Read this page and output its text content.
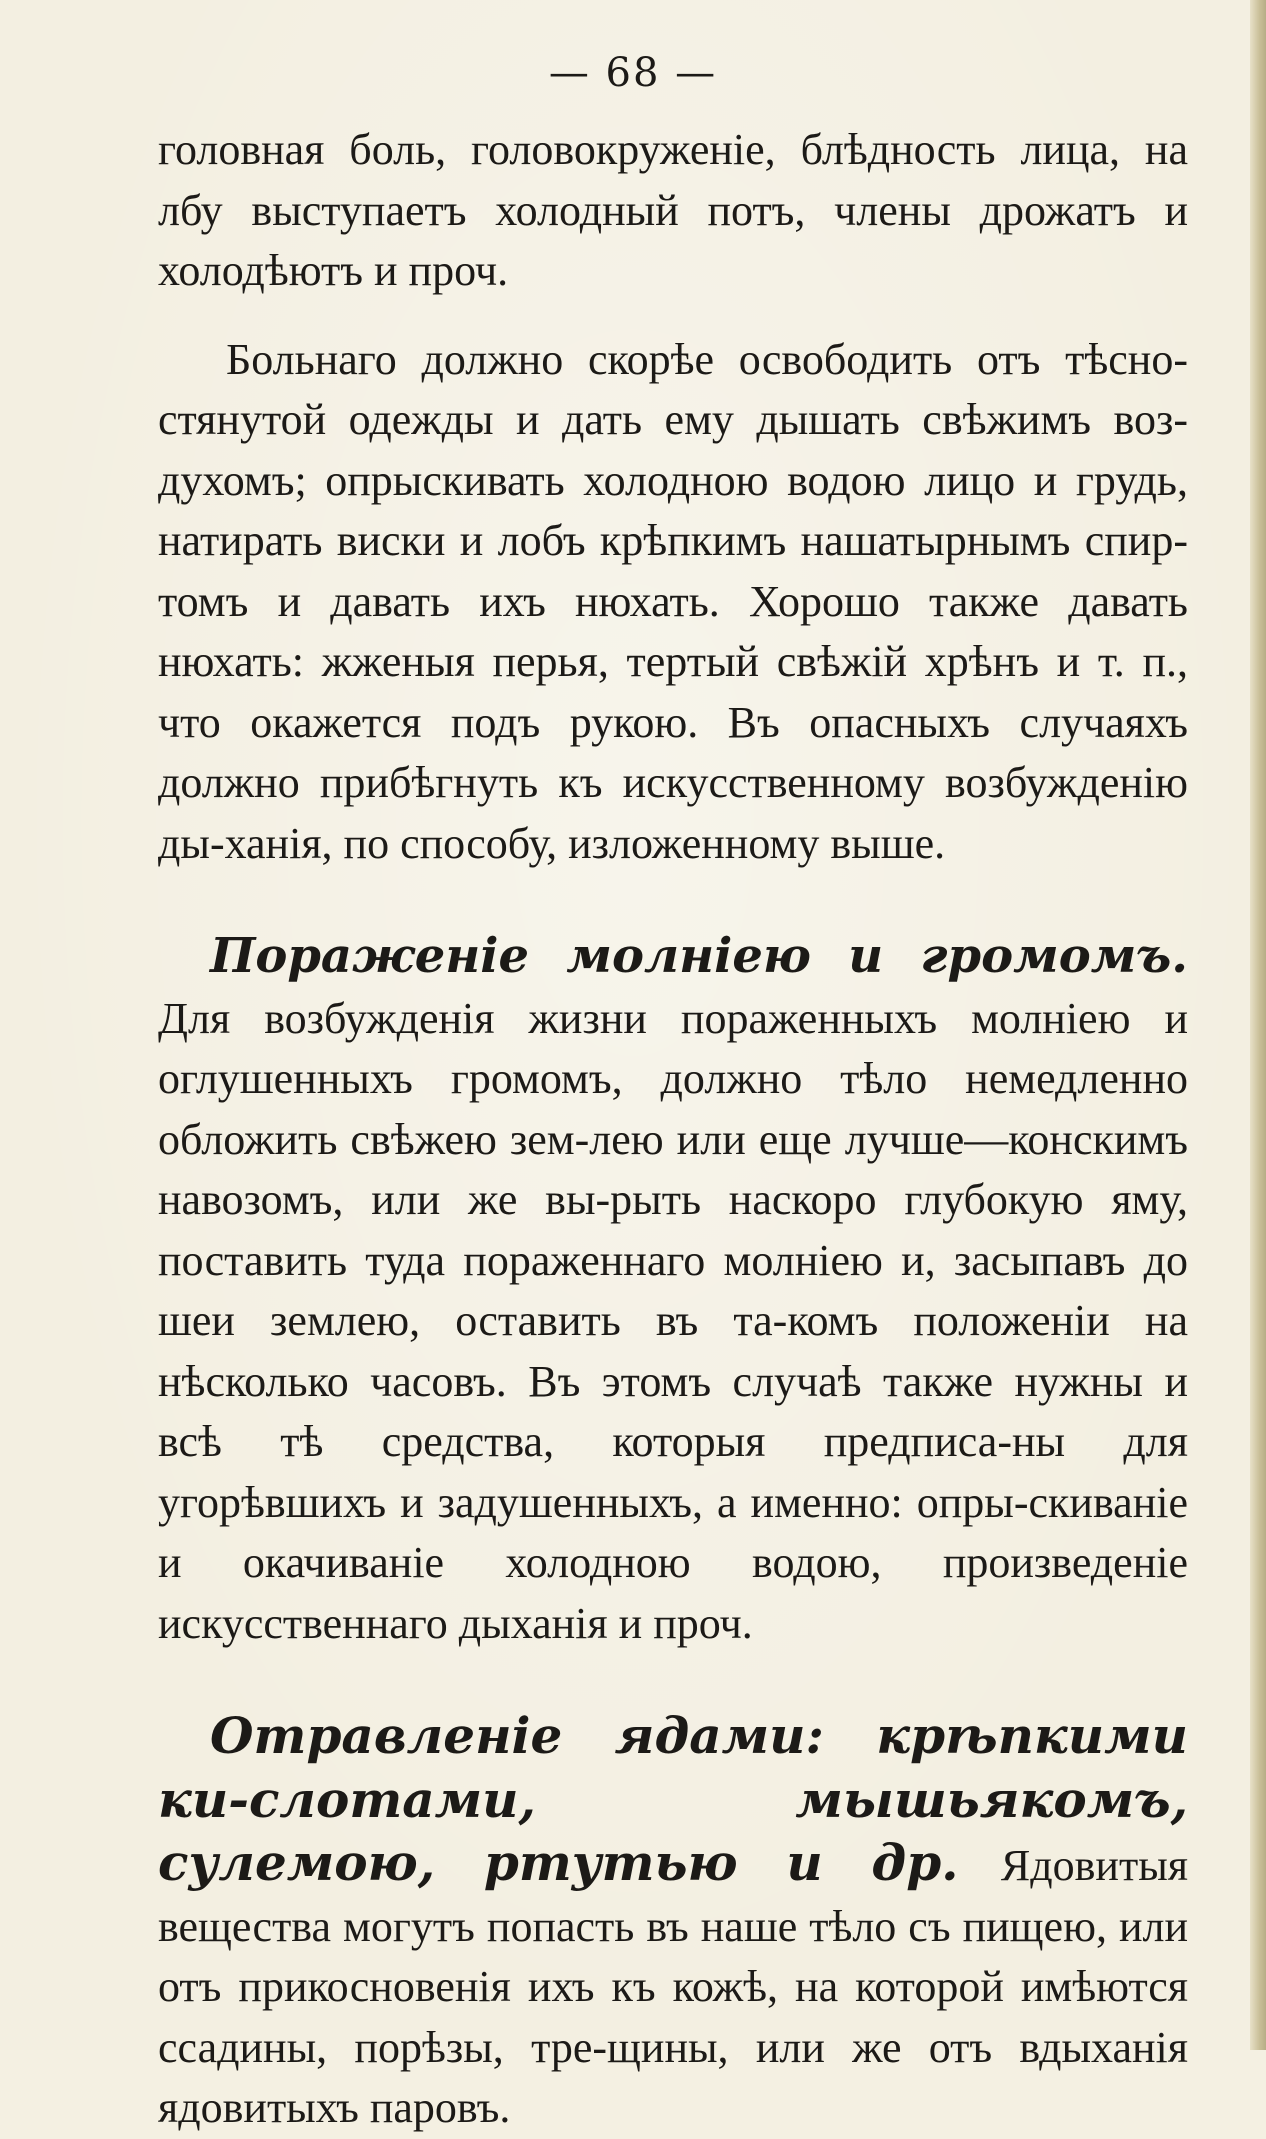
— 68 —

головная боль, головокруженіе, блѣдность лица, на лбу выступаетъ холодный потъ, члены дрожатъ и холодѣютъ и проч.

Больнаго должно скорѣе освободить отъ тѣсно-стянутой одежды и дать ему дышать свѣжимъ воз-духомъ; опрыскивать холодною водою лицо и грудь, натирать виски и лобъ крѣпкимъ нашатырнымъ спир-томъ и давать ихъ нюхать. Хорошо также давать нюхать: жженыя перья, тертый свѣжій хрѣнъ и т. п., что окажется подъ рукою. Въ опасныхъ случаяхъ должно прибѣгнуть къ искусственному возбужденію ды-ханія, по способу, изложенному выше.

Пораженіе молніею и громомъ. Для возбужденія жизни пораженныхъ молніею и оглушенныхъ громомъ, должно тѣло немедленно обложить свѣжею зем-лею или еще лучше—конскимъ навозомъ, или же вы-рыть наскоро глубокую яму, поставить туда пораженнаго молніею и, засыпавъ до шеи землею, оставить въ та-комъ положеніи на нѣсколько часовъ. Въ этомъ случаѣ также нужны и всѣ тѣ средства, которыя предписа-ны для угорѣвшихъ и задушенныхъ, а именно: опры-скиваніе и окачиваніе холодною водою, произведеніе искусственнаго дыханія и проч.

Отравленіе ядами: крѣпкими ки-слотами, мышьякомъ, сулемою, ртутью и др. Ядовитыя вещества могутъ попасть въ наше тѣло съ пищею, или отъ прикосновенія ихъ къ кожѣ, на которой имѣются ссадины, порѣзы, тре-щины, или же отъ вдыханія ядовитыхъ паровъ.
